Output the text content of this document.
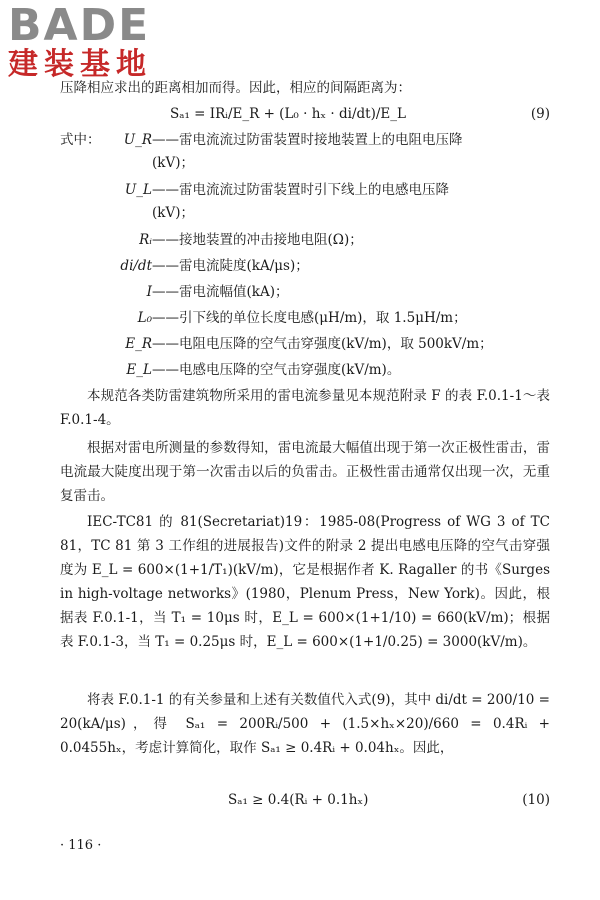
BADE
建装基地
压降相应求出的距离相加而得。因此，相应的间隔距离为：
Sₐ₁ = IRᵢ/E_R + (L₀ · hₓ · di/dt)/E_L	(9)
式中：	U_R——雷电流流过防雷装置时接地装置上的电阻电压降
(kV)；
U_L——雷电流流过防雷装置时引下线上的电感电压降
(kV)；
Rᵢ——接地装置的冲击接地电阻(Ω)；
di/dt——雷电流陡度(kA/μs)；
I——雷电流幅值(kA)；
L₀——引下线的单位长度电感(μH/m)，取 1.5μH/m；
E_R——电阻电压降的空气击穿强度(kV/m)，取 500kV/m；
E_L——电感电压降的空气击穿强度(kV/m)。
本规范各类防雷建筑物所采用的雷电流参量见本规范附录 F 的表 F.0.1-1～表 F.0.1-4。
根据对雷电所测量的参数得知，雷电流最大幅值出现于第一次正极性雷击，雷电流最大陡度出现于第一次雷击以后的负雷击。正极性雷击通常仅出现一次，无重复雷击。
IEC-TC81 的 81(Secretariat)19：1985-08(Progress of WG 3 of TC 81，TC 81 第 3 工作组的进展报告)文件的附录 2 提出电感电压降的空气击穿强度为 E_L = 600×(1+1/T₁)(kV/m)，它是根据作者 K. Ragaller 的书《Surges in high-voltage networks》(1980，Plenum Press，New York)。因此，根据表 F.0.1-1，当 T₁ = 10μs 时，E_L = 600×(1+1/10) = 660(kV/m)；根据表 F.0.1-3，当 T₁ = 0.25μs 时，E_L = 600×(1+1/0.25) = 3000(kV/m)。
将表 F.0.1-1 的有关参量和上述有关数值代入式(9)，其中 di/dt = 200/10 = 20(kA/μs)，得 Sₐ₁ = 200Rᵢ/500 + (1.5×hₓ×20)/660 = 0.4Rᵢ + 0.0455hₓ，考虑计算简化，取作 Sₐ₁ ≥ 0.4Rᵢ + 0.04hₓ。因此，
Sₐ₁ ≥ 0.4(Rᵢ + 0.1hₓ)	(10)
· 116 ·
